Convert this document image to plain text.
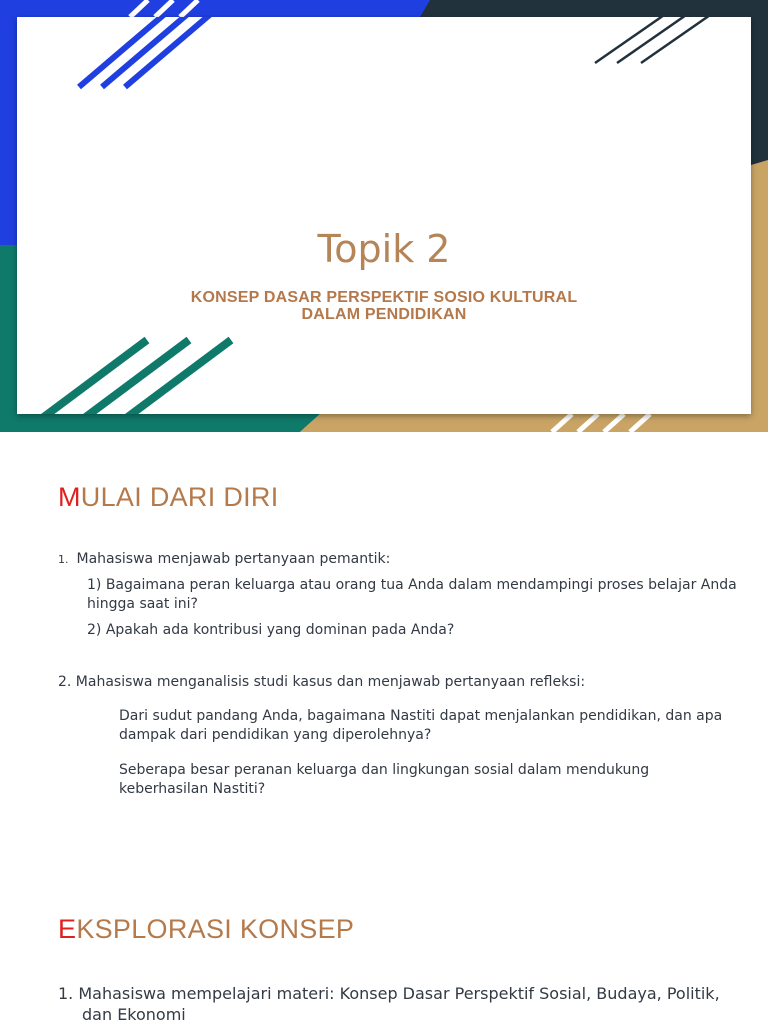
Topik 2
KONSEP DASAR PERSPEKTIF SOSIO KULTURAL
DALAM PENDIDIKAN
MULAI DARI DIRI
1. Mahasiswa menjawab pertanyaan pemantik:
1) Bagaimana peran keluarga atau orang tua Anda dalam mendampingi proses belajar Anda
hingga saat ini?
2) Apakah ada kontribusi yang dominan pada Anda?
2. Mahasiswa menganalisis studi kasus dan menjawab pertanyaan refleksi:
Dari sudut pandang Anda, bagaimana Nastiti dapat menjalankan pendidikan, dan apa
dampak dari pendidikan yang diperolehnya?
Seberapa besar peranan keluarga dan lingkungan sosial dalam mendukung
keberhasilan Nastiti?
EKSPLORASI KONSEP
1. Mahasiswa mempelajari materi: Konsep Dasar Perspektif Sosial, Budaya, Politik,
dan Ekonomi
